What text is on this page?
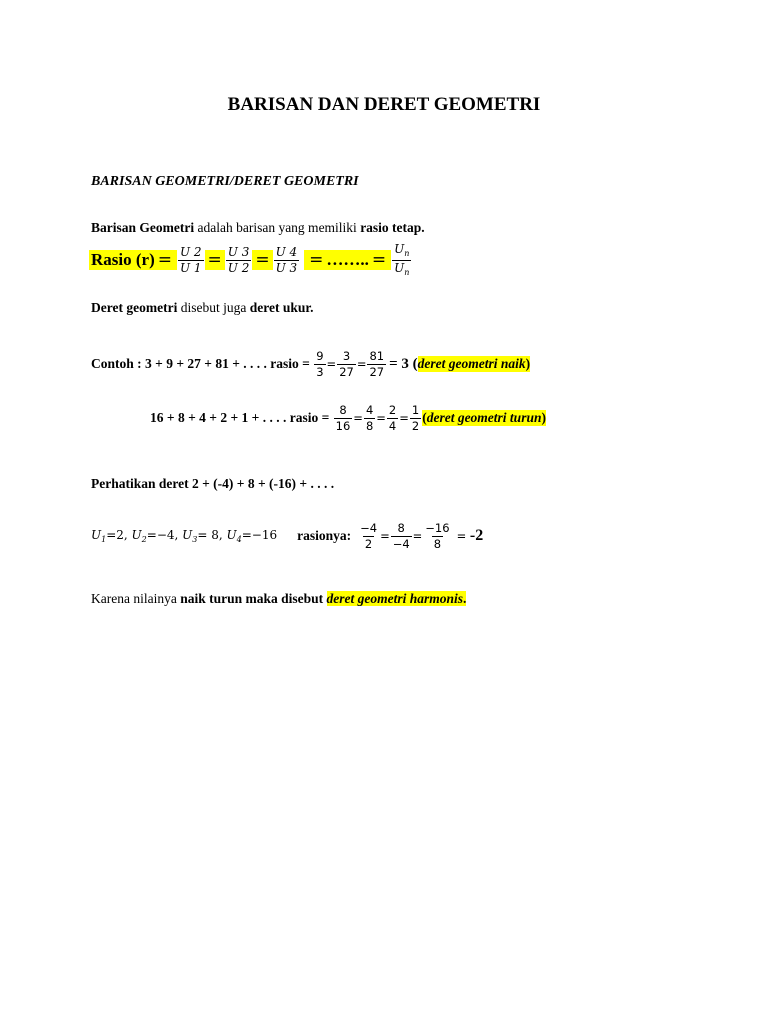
BARISAN DAN DERET GEOMETRI
BARISAN GEOMETRI/DERET GEOMETRI
Barisan Geometri adalah barisan yang memiliki rasio tetap.
Rasio $(r) = \frac{U 2}{U 1} = \frac{U 3}{U 2} = \frac{U 4}{U 3}$ = …….. = $\frac{U_n}{U_n}$
Deret geometri disebut juga deret ukur.
Contoh : 3 + 9 + 27 + 81 + . . . . rasio = $\frac{9}{3} = \frac{3}{27} = \frac{81}{27} = 3$ ( deret geometri naik)
16 + 8 + 4 + 2 + 1 + . . . . rasio = $\frac{8}{16} = \frac{4}{8} = \frac{2}{4} = \frac{1}{2}$ (deret geometri turun)
Perhatikan deret 2 + (-4) + 8 + (-16) + . . . .
$U_1=2$, $U_2=-4$, $U_3= 8$, $U_4=-16$ rasionya: $\frac{-4}{2} = \frac{8}{-4} = \frac{-16}{8} = -2$
Karena nilainya naik turun maka disebut deret geometri harmonis.
